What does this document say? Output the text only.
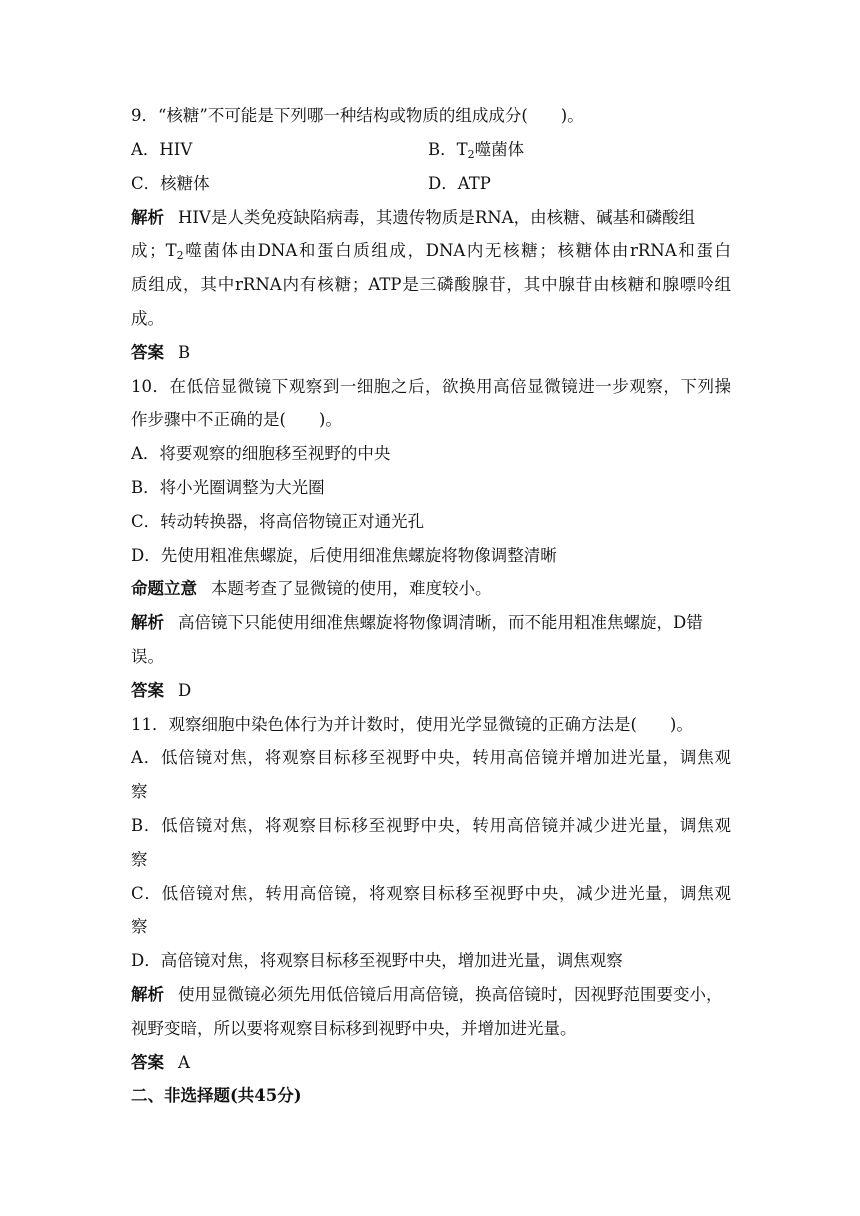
9．“核糖”不可能是下列哪一种结构或物质的组成成分(　　)。
A．HIV	B．$T_2$噬菌体
C．核糖体	D．ATP
解析 HIV是人类免疫缺陷病毒，其遗传物质是RNA，由核糖、碱基和磷酸组
成；$T_2$噬菌体由DNA和蛋白质组成，DNA内无核糖；核糖体由rRNA和蛋白
质组成，其中rRNA内有核糖；ATP是三磷酸腺苷，其中腺苷由核糖和腺嘌呤组
成。
答案 B
10．在低倍显微镜下观察到一细胞之后，欲换用高倍显微镜进一步观察，下列操
作步骤中不正确的是(　　)。
A．将要观察的细胞移至视野的中央
B．将小光圈调整为大光圈
C．转动转换器，将高倍物镜正对通光孔
D．先使用粗准焦螺旋，后使用细准焦螺旋将物像调整清晰
命题立意 本题考查了显微镜的使用，难度较小。
解析 高倍镜下只能使用细准焦螺旋将物像调清晰，而不能用粗准焦螺旋，D错
误。
答案 D
11．观察细胞中染色体行为并计数时，使用光学显微镜的正确方法是(　　)。
A．低倍镜对焦，将观察目标移至视野中央，转用高倍镜并增加进光量，调焦观
察
B．低倍镜对焦，将观察目标移至视野中央，转用高倍镜并减少进光量，调焦观
察
C．低倍镜对焦，转用高倍镜，将观察目标移至视野中央，减少进光量，调焦观
察
D．高倍镜对焦，将观察目标移至视野中央，增加进光量，调焦观察
解析 使用显微镜必须先用低倍镜后用高倍镜，换高倍镜时，因视野范围要变小，
视野变暗，所以要将观察目标移到视野中央，并增加进光量。
答案 A
二、非选择题(共45分)
